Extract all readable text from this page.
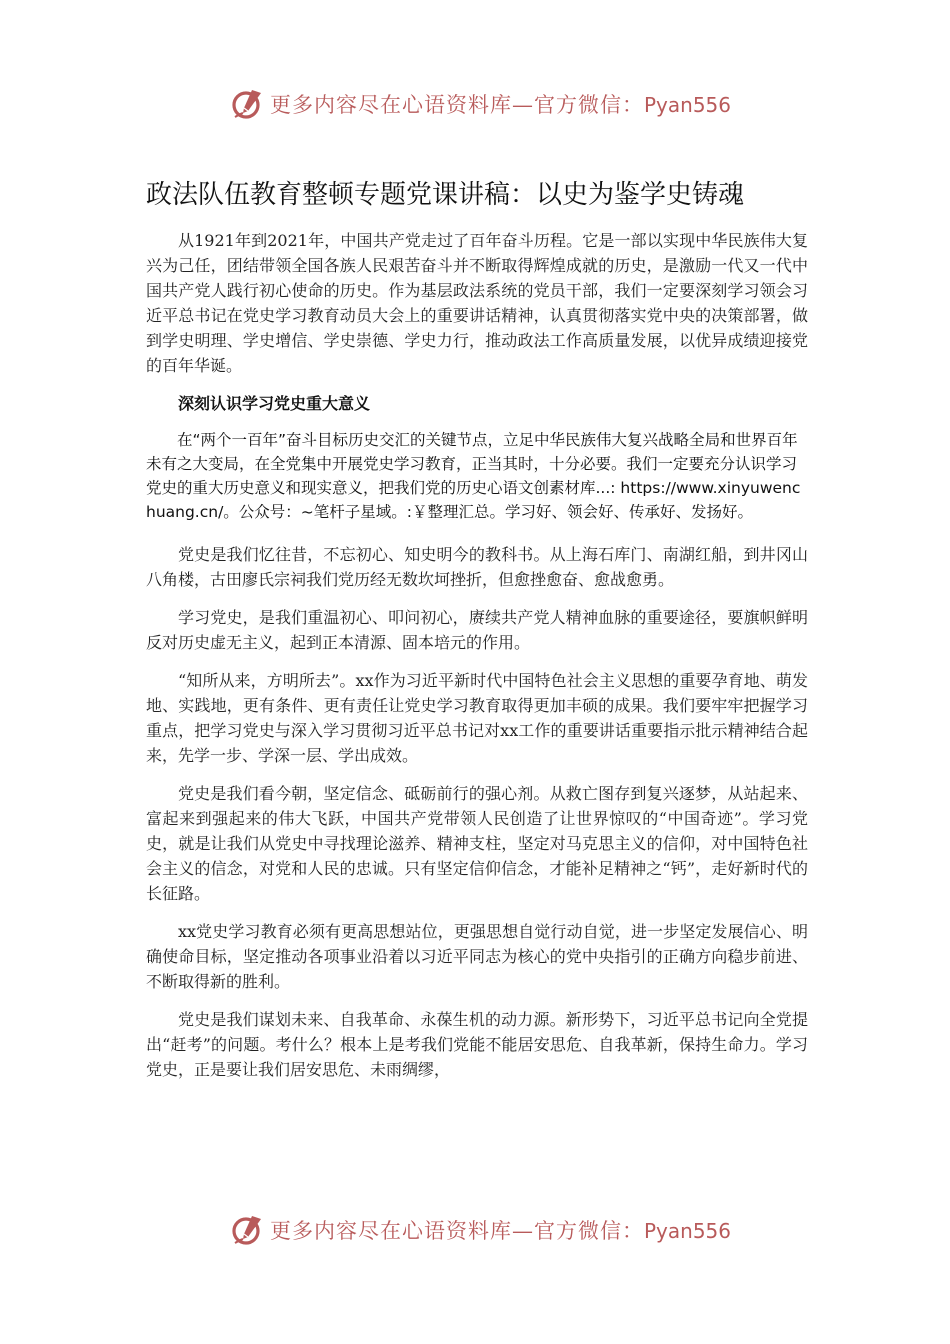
更多内容尽在心语资料库—官方微信：Pyan556
政法队伍教育整顿专题党课讲稿：以史为鉴学史铸魂

从1921年到2021年，中国共产党走过了百年奋斗历程。它是一部以实现中华民族伟大复兴为己任，团结带领全国各族人民艰苦奋斗并不断取得辉煌成就的历史，是激励一代又一代中国共产党人践行初心使命的历史。作为基层政法系统的党员干部，我们一定要深刻学习领会习近平总书记在党史学习教育动员大会上的重要讲话精神，认真贯彻落实党中央的决策部署，做到学史明理、学史增信、学史崇德、学史力行，推动政法工作高质量发展，以优异成绩迎接党的百年华诞。

深刻认识学习党史重大意义

在“两个一百年”奋斗目标历史交汇的关键节点，立足中华民族伟大复兴战略全局和世界百年未有之大变局，在全党集中开展党史学习教育，正当其时，十分必要。我们一定要充分认识学习党史的重大历史意义和现实意义，把我们党的历史心语文创素材库...: https://www.xinyuwenchuang.cn/。公众号：~笔杆子星域。:￥整理汇总。学习好、领会好、传承好、发扬好。

党史是我们忆往昔，不忘初心、知史明今的教科书。从上海石库门、南湖红船，到井冈山八角楼，古田廖氏宗祠我们党历经无数坎坷挫折，但愈挫愈奋、愈战愈勇。

学习党史，是我们重温初心、叩问初心，赓续共产党人精神血脉的重要途径，要旗帜鲜明反对历史虚无主义，起到正本清源、固本培元的作用。

“知所从来，方明所去”。xx作为习近平新时代中国特色社会主义思想的重要孕育地、萌发地、实践地，更有条件、更有责任让党史学习教育取得更加丰硕的成果。我们要牢牢把握学习重点，把学习党史与深入学习贯彻习近平总书记对xx工作的重要讲话重要指示批示精神结合起来，先学一步、学深一层、学出成效。

党史是我们看今朝，坚定信念、砥砺前行的强心剂。从救亡图存到复兴逐梦，从站起来、富起来到强起来的伟大飞跃，中国共产党带领人民创造了让世界惊叹的“中国奇迹”。学习党史，就是让我们从党史中寻找理论滋养、精神支柱，坚定对马克思主义的信仰，对中国特色社会主义的信念，对党和人民的忠诚。只有坚定信仰信念，才能补足精神之“钙”，走好新时代的长征路。

xx党史学习教育必须有更高思想站位，更强思想自觉行动自觉，进一步坚定发展信心、明确使命目标，坚定推动各项事业沿着以习近平同志为核心的党中央指引的正确方向稳步前进、不断取得新的胜利。

党史是我们谋划未来、自我革命、永葆生机的动力源。新形势下，习近平总书记向全党提出“赶考”的问题。考什么？根本上是考我们党能不能居安思危、自我革新，保持生命力。学习党史，正是要让我们居安思危、未雨绸缪，

更多内容尽在心语资料库—官方微信：Pyan556
